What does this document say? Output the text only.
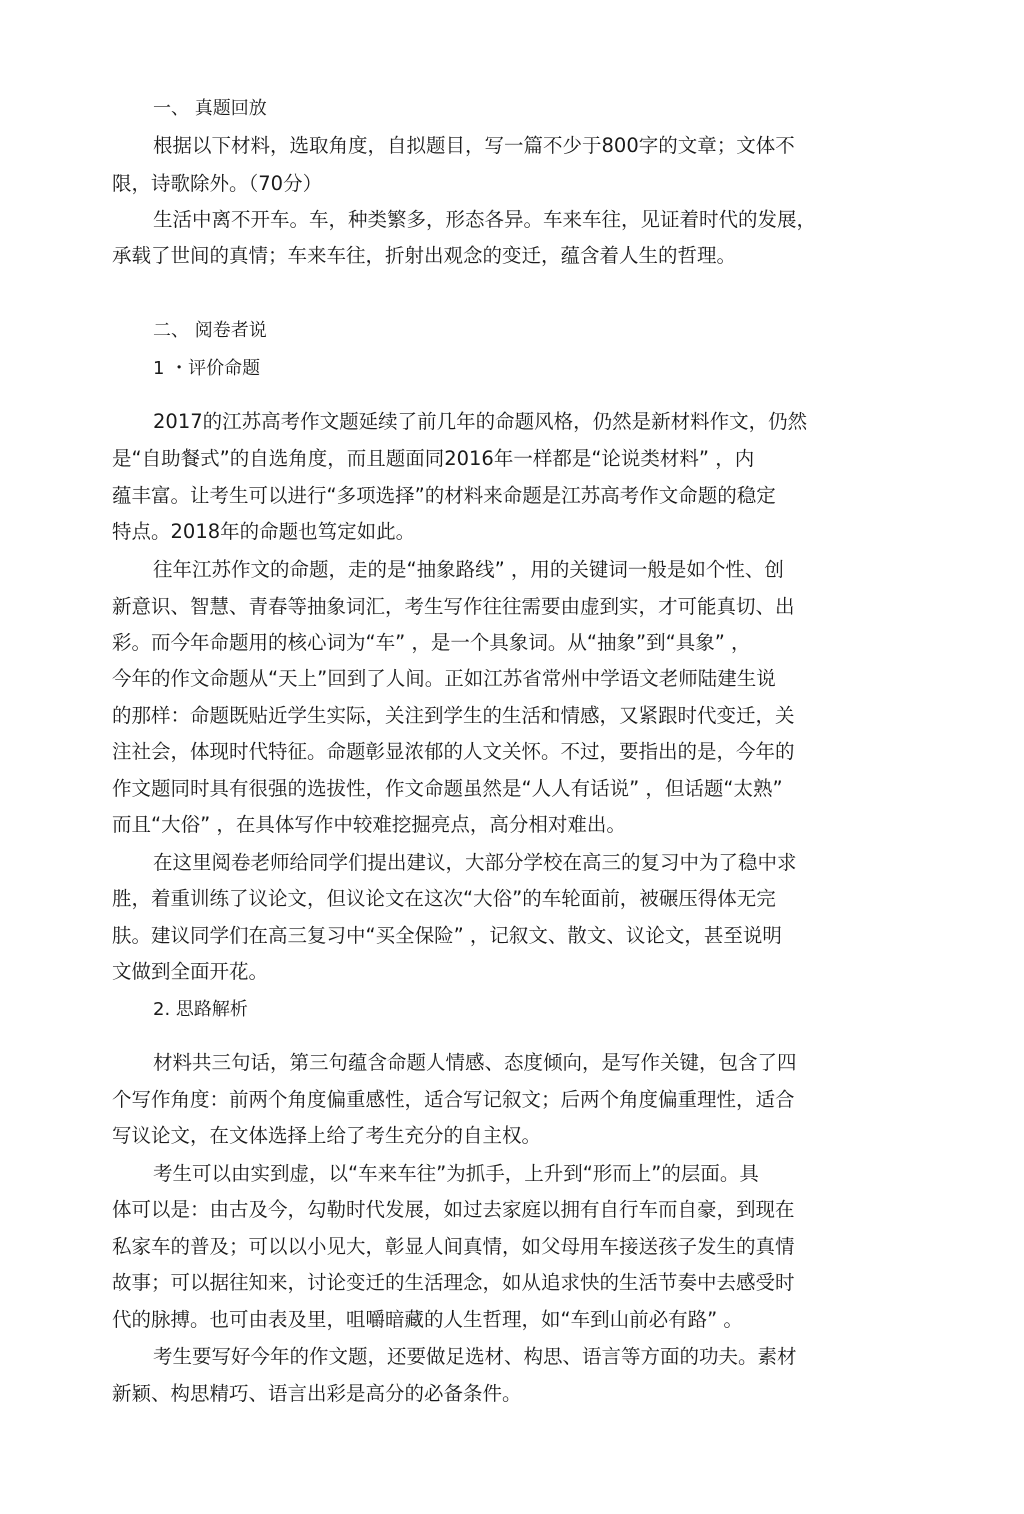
一、 真题回放
根据以下材料，选取角度，自拟题目，写一篇不少于800字的文章；文体不
限，诗歌除外。（70分）
生活中离不开车。车，种类繁多，形态各异。车来车往，见证着时代的发展，
承载了世间的真情；车来车往，折射出观念的变迁，蕴含着人生的哲理。
二、 阅卷者说
1 ・评价命题
2017的江苏高考作文题延续了前几年的命题风格，仍然是新材料作文，仍然
是“自助餐式”的自选角度，而且题面同2016年一样都是“论说类材料” ，内
蕴丰富。让考生可以进行“多项选择”的材料来命题是江苏高考作文命题的稳定
特点。2018年的命题也笃定如此。
往年江苏作文的命题，走的是“抽象路线” ，用的关键词一般是如个性、创
新意识、智慧、青春等抽象词汇，考生写作往往需要由虚到实，才可能真切、出
彩。而今年命题用的核心词为“车” ，是一个具象词。从“抽象”到“具象” ，
今年的作文命题从“天上”回到了人间。正如江苏省常州中学语文老师陆建生说
的那样：命题既贴近学生实际，关注到学生的生活和情感，又紧跟时代变迁，关
注社会，体现时代特征。命题彰显浓郁的人文关怀。不过，要指出的是，今年的
作文题同时具有很强的选拔性，作文命题虽然是“人人有话说” ，但话题“太熟”
而且“大俗” ，在具体写作中较难挖掘亮点，高分相对难出。
在这里阅卷老师给同学们提出建议，大部分学校在高三的复习中为了稳中求
胜，着重训练了议论文，但议论文在这次“大俗”的车轮面前，被碾压得体无完
肤。建议同学们在高三复习中“买全保险” ，记叙文、散文、议论文，甚至说明
文做到全面开花。
2. 思路解析
材料共三句话，第三句蕴含命题人情感、态度倾向，是写作关键，包含了四
个写作角度：前两个角度偏重感性，适合写记叙文；后两个角度偏重理性，适合
写议论文，在文体选择上给了考生充分的自主权。
考生可以由实到虚，以“车来车往”为抓手，上升到“形而上”的层面。具
体可以是：由古及今，勾勒时代发展，如过去家庭以拥有自行车而自豪，到现在
私家车的普及；可以以小见大，彰显人间真情，如父母用车接送孩子发生的真情
故事；可以据往知来，讨论变迁的生活理念，如从追求快的生活节奏中去感受时
代的脉搏。也可由表及里，咀嚼暗藏的人生哲理，如“车到山前必有路” 。
考生要写好今年的作文题，还要做足选材、构思、语言等方面的功夫。素材
新颖、构思精巧、语言出彩是高分的必备条件。
